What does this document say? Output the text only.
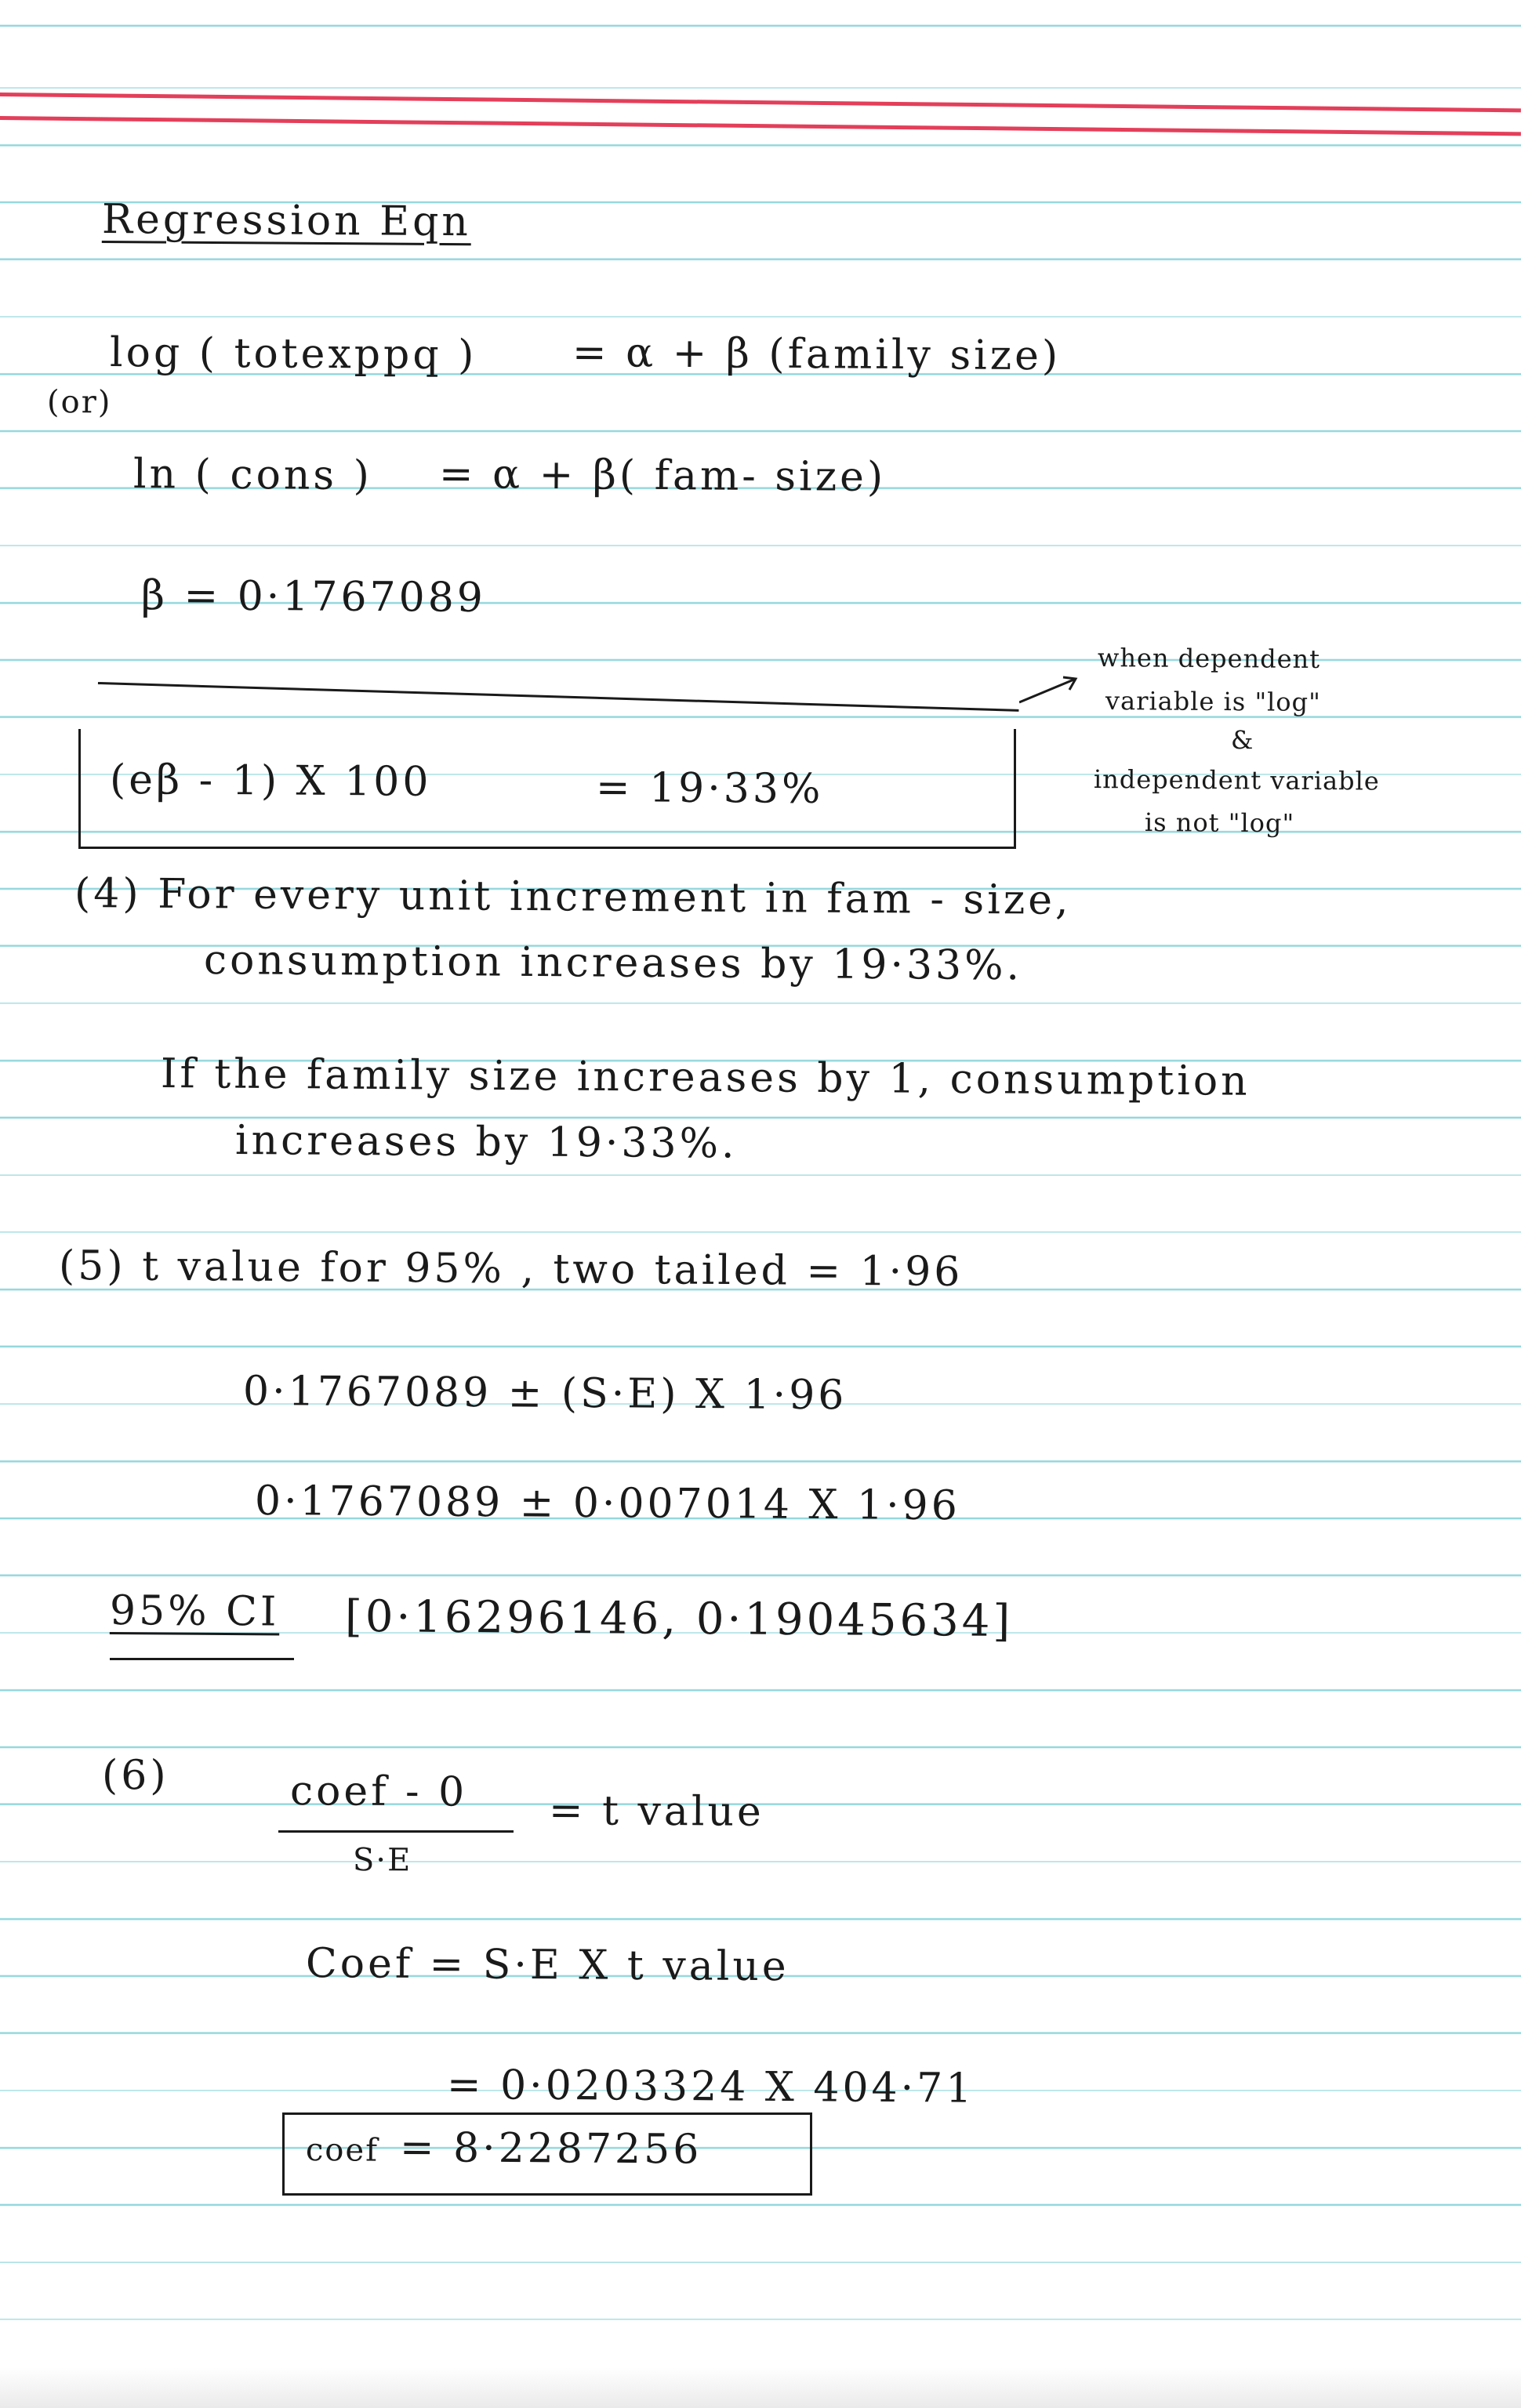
Regression Eqn
(or)
log ( totexppq ) = α + β (family size)
ln ( cons ) = α + β( fam- size)
β = 0·1767089
(eβ - 1) X 100	= 19·33%
when dependent
variable is "log"
&
independent variable
is not "log"
(4) For every unit increment in fam - size,
consumption increases by 19·33%.
If the family size increases by 1, consumption
increases by 19·33%.
(5) t value for 95% , two tailed = 1·96
0·1767089 ± (S·E) X 1·96
0·1767089 ± 0·007014 X 1·96
95% CI [0·16296146, 0·19045634]
(6)	coef - 0
S·E
= t value
Coef = S·E X t value
= 0·0203324 X 404·71
coef = 8·2287256
